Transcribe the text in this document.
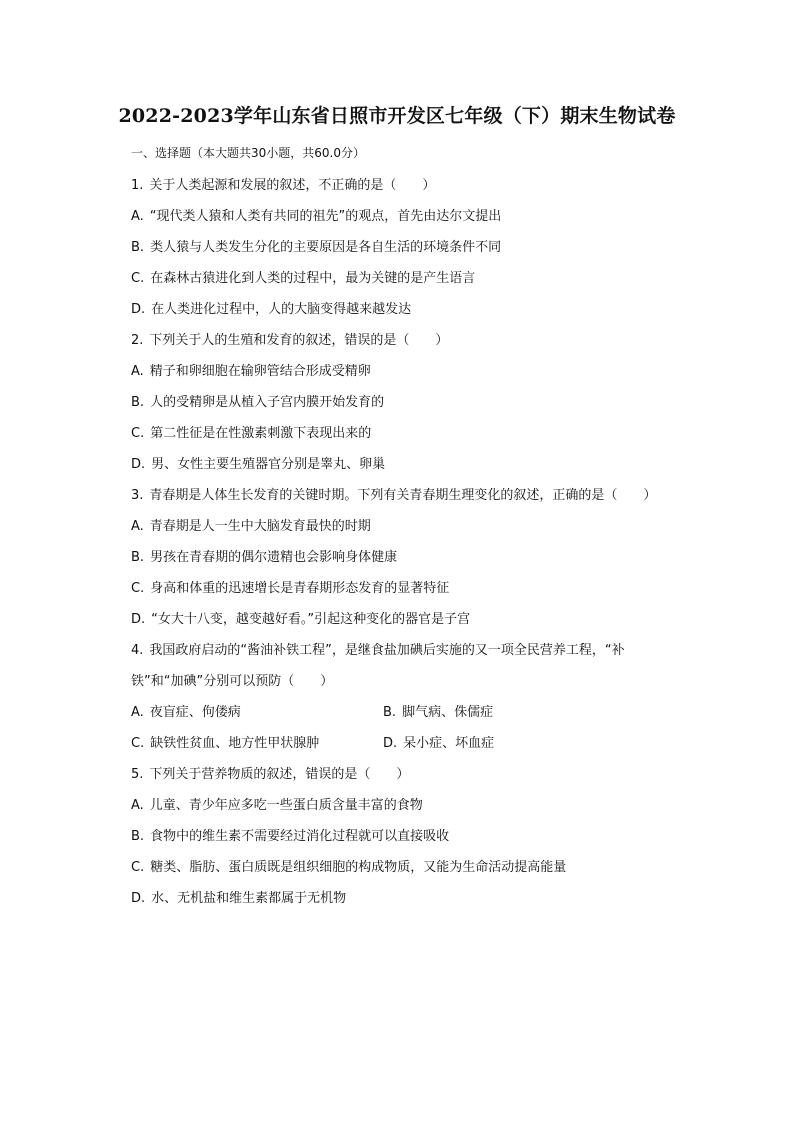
2022-2023学年山东省日照市开发区七年级（下）期末生物试卷
一、选择题（本大题共30小题，共60.0分）
1. 关于人类起源和发展的叙述，不正确的是（　　）
A. “现代类人猿和人类有共同的祖先”的观点，首先由达尔文提出
B. 类人猿与人类发生分化的主要原因是各自生活的环境条件不同
C. 在森林古猿进化到人类的过程中，最为关键的是产生语言
D. 在人类进化过程中，人的大脑变得越来越发达
2. 下列关于人的生殖和发育的叙述，错误的是（　　）
A. 精子和卵细胞在输卵管结合形成受精卵
B. 人的受精卵是从植入子宫内膜开始发育的
C. 第二性征是在性激素刺激下表现出来的
D. 男、女性主要生殖器官分别是睾丸、卵巢
3. 青春期是人体生长发育的关键时期。下列有关青春期生理变化的叙述，正确的是（　　）
A. 青春期是人一生中大脑发育最快的时期
B. 男孩在青春期的偶尔遗精也会影响身体健康
C. 身高和体重的迅速增长是青春期形态发育的显著特征
D. “女大十八变，越变越好看。”引起这种变化的器官是子宫
4. 我国政府启动的“酱油补铁工程”，是继食盐加碘后实施的又一项全民营养工程，“补
铁”和“加碘”分别可以预防（　　）
A. 夜盲症、佝偻病	B. 脚气病、侏儒症
C. 缺铁性贫血、地方性甲状腺肿	D. 呆小症、坏血症
5. 下列关于营养物质的叙述，错误的是（　　）
A. 儿童、青少年应多吃一些蛋白质含量丰富的食物
B. 食物中的维生素不需要经过消化过程就可以直接吸收
C. 糖类、脂肪、蛋白质既是组织细胞的构成物质，又能为生命活动提高能量
D. 水、无机盐和维生素都属于无机物
